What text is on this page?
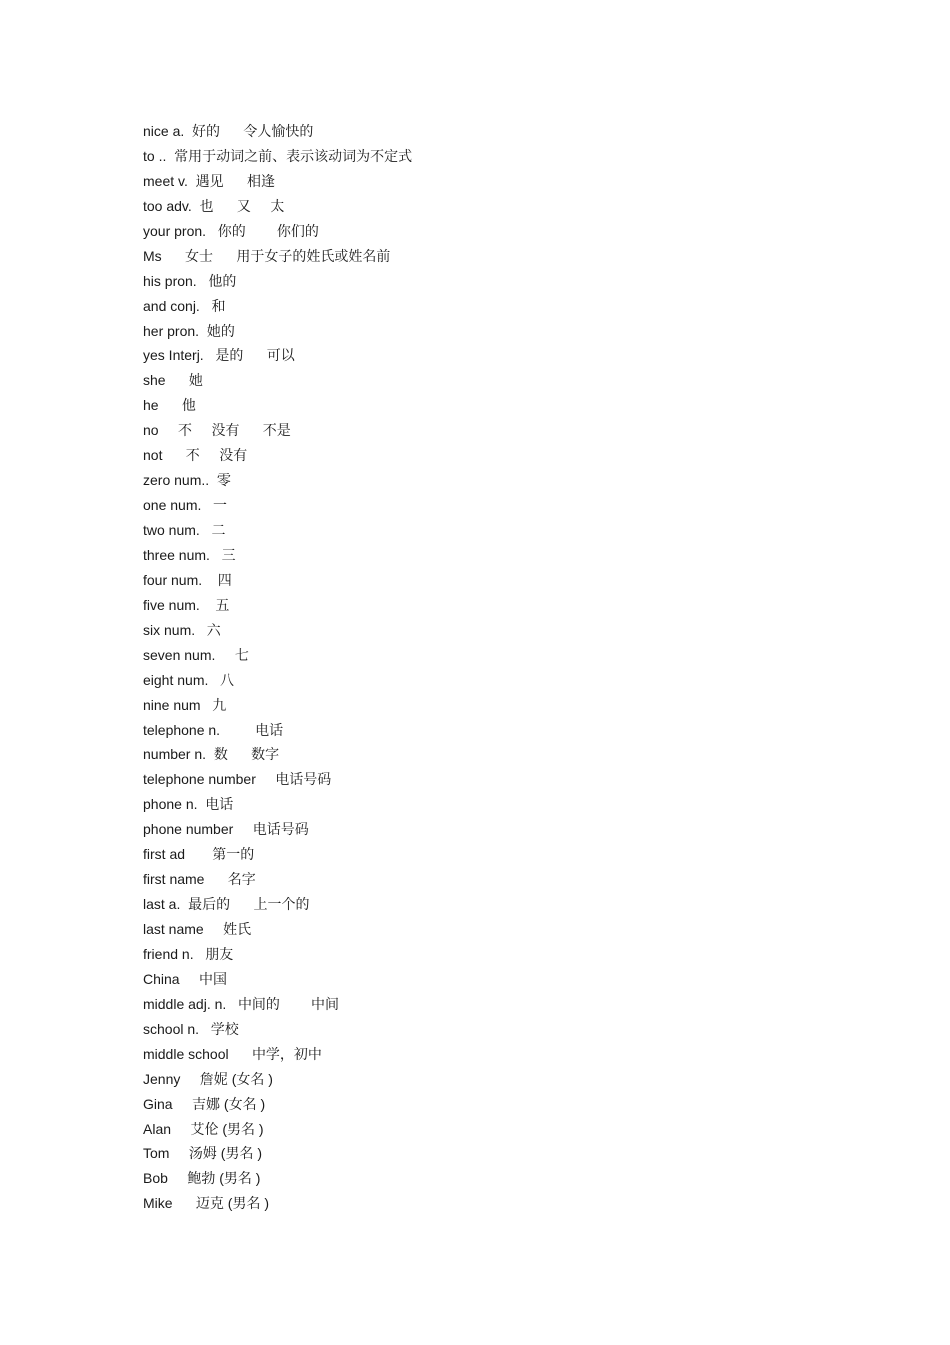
nice a.  好的      令人愉快的
to ..  常用于动词之前、表示该动词为不定式
meet v.  遇见      相逢
too adv.  也      又     太
your pron.   你的        你们的
Ms      女士      用于女子的姓氏或姓名前
his pron.   他的
and conj.   和
her pron.  她的
yes Interj.   是的      可以
she      她
he      他
no     不     没有      不是
not      不     没有
zero num..  零
one num.   一
two num.   二
three num.   三
four num.    四
five num.    五
six num.   六
seven num.     七
eight num.   八
nine num   九
telephone n.         电话
number n.  数      数字
telephone number     电话号码
phone n.  电话
phone number     电话号码
first ad       第一的
first name      名字
last a.  最后的      上一个的
last name     姓氏
friend n.   朋友
China     中国
middle adj. n.   中间的        中间
school n.   学校
middle school      中学，初中
Jenny     詹妮 (女名 )
Gina     吉娜 (女名 )
Alan     艾伦 (男名 )
Tom     汤姆 (男名 )
Bob     鲍勃 (男名 )
Mike      迈克 (男名 )
